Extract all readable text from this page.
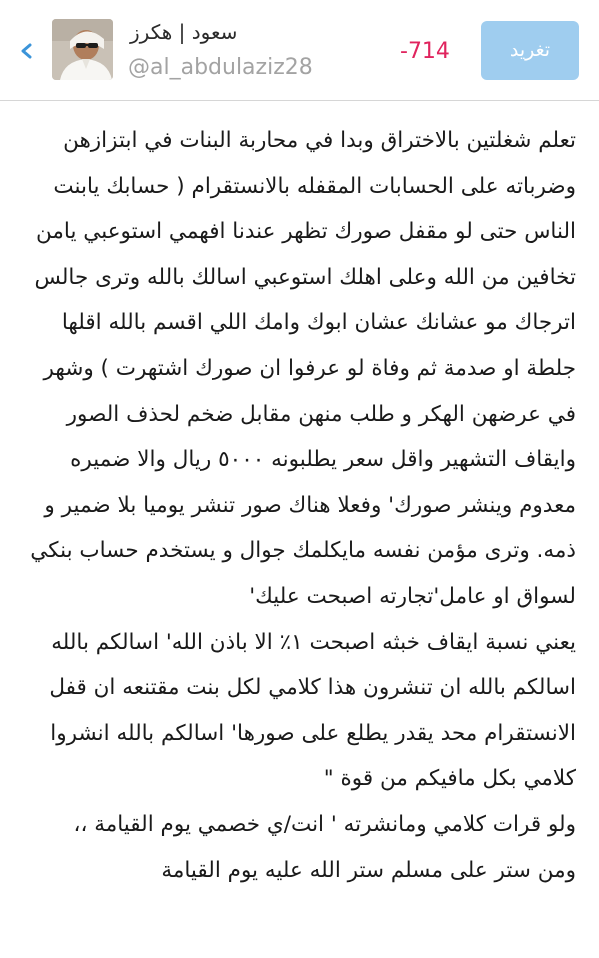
سعود | هكرز
@al_abdulaziz28
-714	تغريد
تعلم شغلتين بالاختراق وبدا في محاربة البنات في ابتزازهن
وضرباته على الحسابات المقفله بالانستقرام ( حسابك يابنت
الناس حتى لو مقفل صورك تظهر عندنا افهمي استوعبي يامن
تخافين من الله وعلى اهلك استوعبي اسالك بالله وترى جالس
اترجاك مو عشانك عشان ابوك وامك اللي اقسم بالله اقلها
جلطة او صدمة ثم وفاة لو عرفوا ان صورك اشتهرت ) وشهر
في عرضهن الهكر و طلب منهن مقابل ضخم لحذف الصور
وايقاف التشهير واقل سعر يطلبونه ٥٠٠٠ ريال والا ضميره
معدوم وينشر صورك' وفعلا هناك صور تنشر يوميا بلا ضمير و
ذمه. وترى مؤمن نفسه مايكلمك جوال و يستخدم حساب بنكي
لسواق او عامل'تجارته اصبحت عليك'
يعني نسبة ايقاف خبثه اصبحت ١٪ الا باذن الله' اسالكم بالله
اسالكم بالله ان تنشرون هذا كلامي لكل بنت مقتنعه ان قفل
الانستقرام محد يقدر يطلع على صورها' اسالكم بالله انشروا
كلامي بكل مافيكم من قوة "
ولو قرات كلامي ومانشرته ' انت/ي خصمي يوم القيامة ،،
ومن ستر على مسلم ستر الله عليه يوم القيامة
